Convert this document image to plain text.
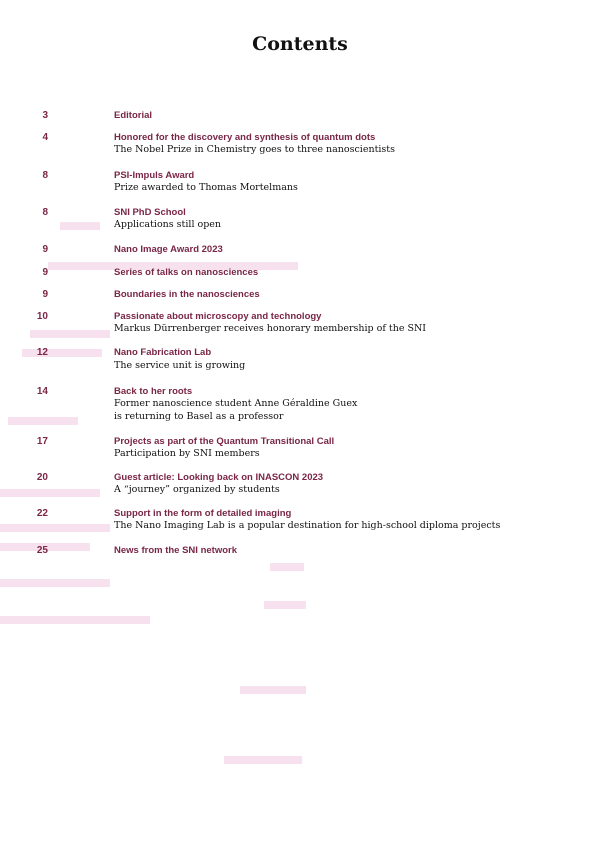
Contents
3	Editorial
4	Honored for the discovery and synthesis of quantum dots
The Nobel Prize in Chemistry goes to three nanoscientists
8	PSI-Impuls Award
Prize awarded to Thomas Mortelmans
8	SNI PhD School
Applications still open
9	Nano Image Award 2023
9	Series of talks on nanosciences
9	Boundaries in the nanosciences
10	Passionate about microscopy and technology
Markus Dürrenberger receives honorary membership of the SNI
12	Nano Fabrication Lab
The service unit is growing
14	Back to her roots
Former nanoscience student Anne Géraldine Guex is returning to Basel as a professor
17	Projects as part of the Quantum Transitional Call
Participation by SNI members
20	Guest article: Looking back on INASCON 2023
A “journey” organized by students
22	Support in the form of detailed imaging
The Nano Imaging Lab is a popular destination for high-school diploma projects
25	News from the SNI network
